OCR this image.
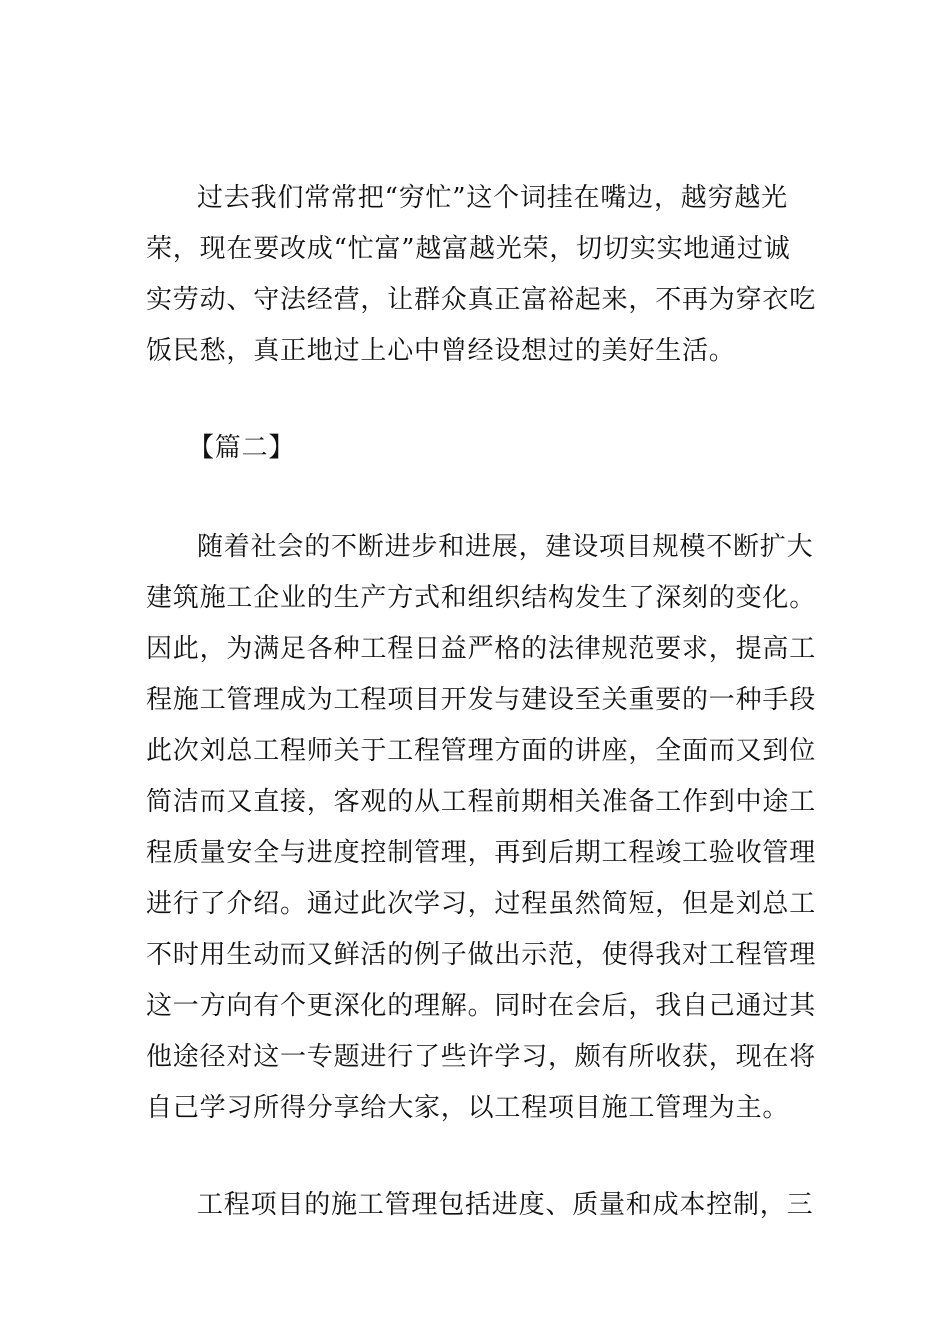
过去我们常常把“穷忙”这个词挂在嘴边，越穷越光
荣，现在要改成“忙富”越富越光荣，切切实实地通过诚
实劳动、守法经营，让群众真正富裕起来，不再为穿衣吃
饭民愁，真正地过上心中曾经设想过的美好生活。
【篇二】
随着社会的不断进步和进展，建设项目规模不断扩大
建筑施工企业的生产方式和组织结构发生了深刻的变化。
因此，为满足各种工程日益严格的法律规范要求，提高工
程施工管理成为工程项目开发与建设至关重要的一种手段
此次刘总工程师关于工程管理方面的讲座，全面而又到位
简洁而又直接，客观的从工程前期相关准备工作到中途工
程质量安全与进度控制管理，再到后期工程竣工验收管理
进行了介绍。通过此次学习，过程虽然简短，但是刘总工
不时用生动而又鲜活的例子做出示范，使得我对工程管理
这一方向有个更深化的理解。同时在会后，我自己通过其
他途径对这一专题进行了些许学习，颇有所收获，现在将
自己学习所得分享给大家，以工程项目施工管理为主。
工程项目的施工管理包括进度、质量和成本控制，三
